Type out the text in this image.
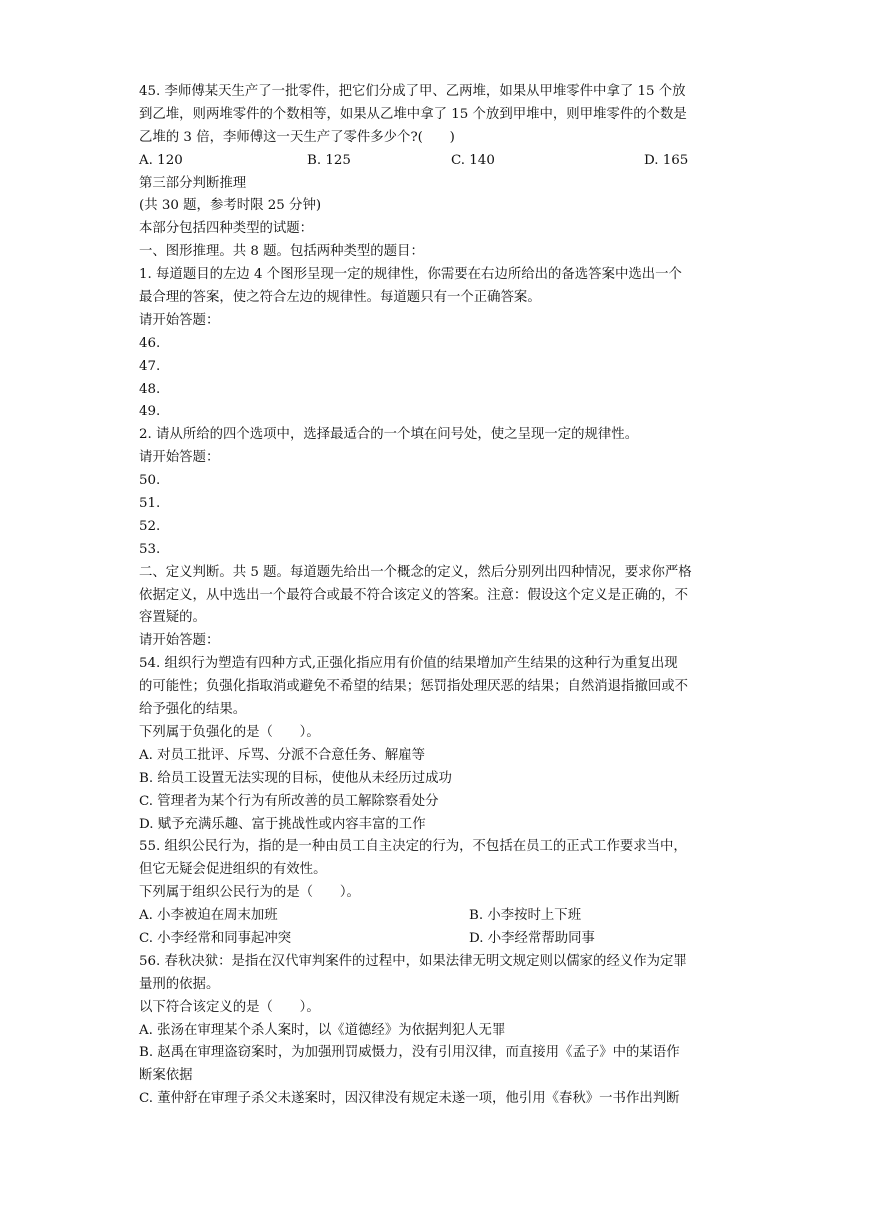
45. 李师傅某天生产了一批零件，把它们分成了甲、乙两堆，如果从甲堆零件中拿了 15 个放
到乙堆，则两堆零件的个数相等，如果从乙堆中拿了 15 个放到甲堆中，则甲堆零件的个数是
乙堆的 3 倍，李师傅这一天生产了零件多少个?(　　)
A. 120	B. 125	C. 140	D. 165
第三部分判断推理
(共 30 题，参考时限 25 分钟)
本部分包括四种类型的试题：
一、图形推理。共 8 题。包括两种类型的题目：
1. 每道题目的左边 4 个图形呈现一定的规律性，你需要在右边所给出的备选答案中选出一个
最合理的答案，使之符合左边的规律性。每道题只有一个正确答案。
请开始答题：
46.
47.
48.
49.
2. 请从所给的四个选项中，选择最适合的一个填在问号处，使之呈现一定的规律性。
请开始答题：
50.
51.
52.
53.
二、定义判断。共 5 题。每道题先给出一个概念的定义，然后分别列出四种情况，要求你严格
依据定义，从中选出一个最符合或最不符合该定义的答案。注意：假设这个定义是正确的，不
容置疑的。
请开始答题：
54. 组织行为塑造有四种方式,正强化指应用有价值的结果增加产生结果的这种行为重复出现
的可能性；负强化指取消或避免不希望的结果；惩罚指处理厌恶的结果；自然消退指撤回或不
给予强化的结果。
下列属于负强化的是（　　）。
A. 对员工批评、斥骂、分派不合意任务、解雇等
B. 给员工设置无法实现的目标，使他从未经历过成功
C. 管理者为某个行为有所改善的员工解除察看处分
D. 赋予充满乐趣、富于挑战性或内容丰富的工作
55. 组织公民行为，指的是一种由员工自主决定的行为，不包括在员工的正式工作要求当中，
但它无疑会促进组织的有效性。
下列属于组织公民行为的是（　　）。
A. 小李被迫在周末加班	B. 小李按时上下班
C. 小李经常和同事起冲突	D. 小李经常帮助同事
56. 春秋决狱：是指在汉代审判案件的过程中，如果法律无明文规定则以儒家的经义作为定罪
量刑的依据。
以下符合该定义的是（　　）。
A. 张汤在审理某个杀人案时，以《道德经》为依据判犯人无罪
B. 赵禹在审理盗窃案时，为加强刑罚威慑力，没有引用汉律，而直接用《孟子》中的某语作
断案依据
C. 董仲舒在审理子杀父未遂案时，因汉律没有规定未遂一项，他引用《春秋》一书作出判断
